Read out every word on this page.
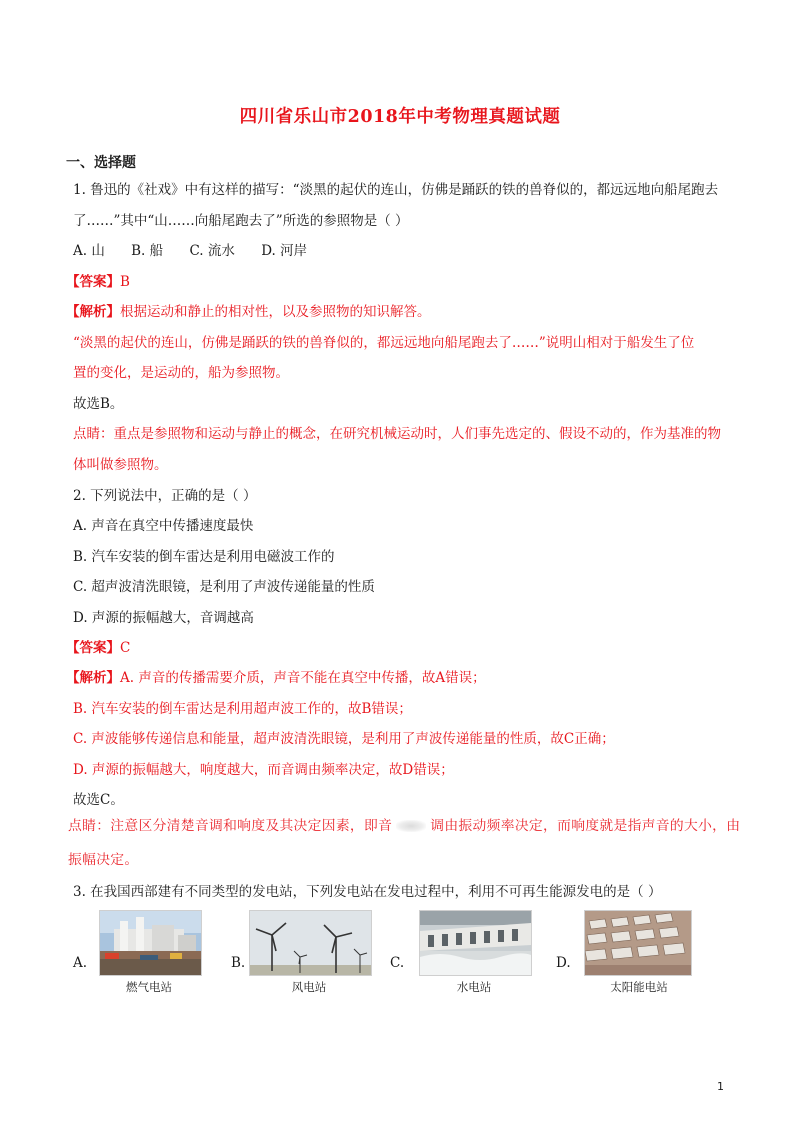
四川省乐山市2018年中考物理真题试题
一、选择题
1. 鲁迅的《社戏》中有这样的描写：“淡黑的起伏的连山，仿佛是踊跃的铁的兽脊似的，都远远地向船尾跑去
了……”其中“山……向船尾跑去了”所选的参照物是（ ）
A. 山 B. 船 C. 流水 D. 河岸
【答案】B
【解析】根据运动和静止的相对性，以及参照物的知识解答。
“淡黑的起伏的连山，仿佛是踊跃的铁的兽脊似的，都远远地向船尾跑去了……”说明山相对于船发生了位
置的变化，是运动的，船为参照物。
故选B。
点睛：重点是参照物和运动与静止的概念，在研究机械运动时，人们事先选定的、假设不动的，作为基准的物
体叫做参照物。
2. 下列说法中，正确的是（ ）
A. 声音在真空中传播速度最快
B. 汽车安装的倒车雷达是利用电磁波工作的
C. 超声波清洗眼镜，是利用了声波传递能量的性质
D. 声源的振幅越大，音调越高
【答案】C
【解析】A. 声音的传播需要介质，声音不能在真空中传播，故A错误；
B. 汽车安装的倒车雷达是利用超声波工作的，故B错误；
C. 声波能够传递信息和能量，超声波清洗眼镜，是利用了声波传递能量的性质，故C正确；
D. 声源的振幅越大，响度越大，而音调由频率决定，故D错误；
故选C。
点睛：注意区分清楚音调和响度及其决定因素，即音	调由振动频率决定，而响度就是指声音的大小，由
振幅决定。
3. 在我国西部建有不同类型的发电站，下列发电站在发电过程中，利用不可再生能源发电的是（ ）
A.
燃气电站
B.
风电站
C.
水电站
D.
太阳能电站
1
